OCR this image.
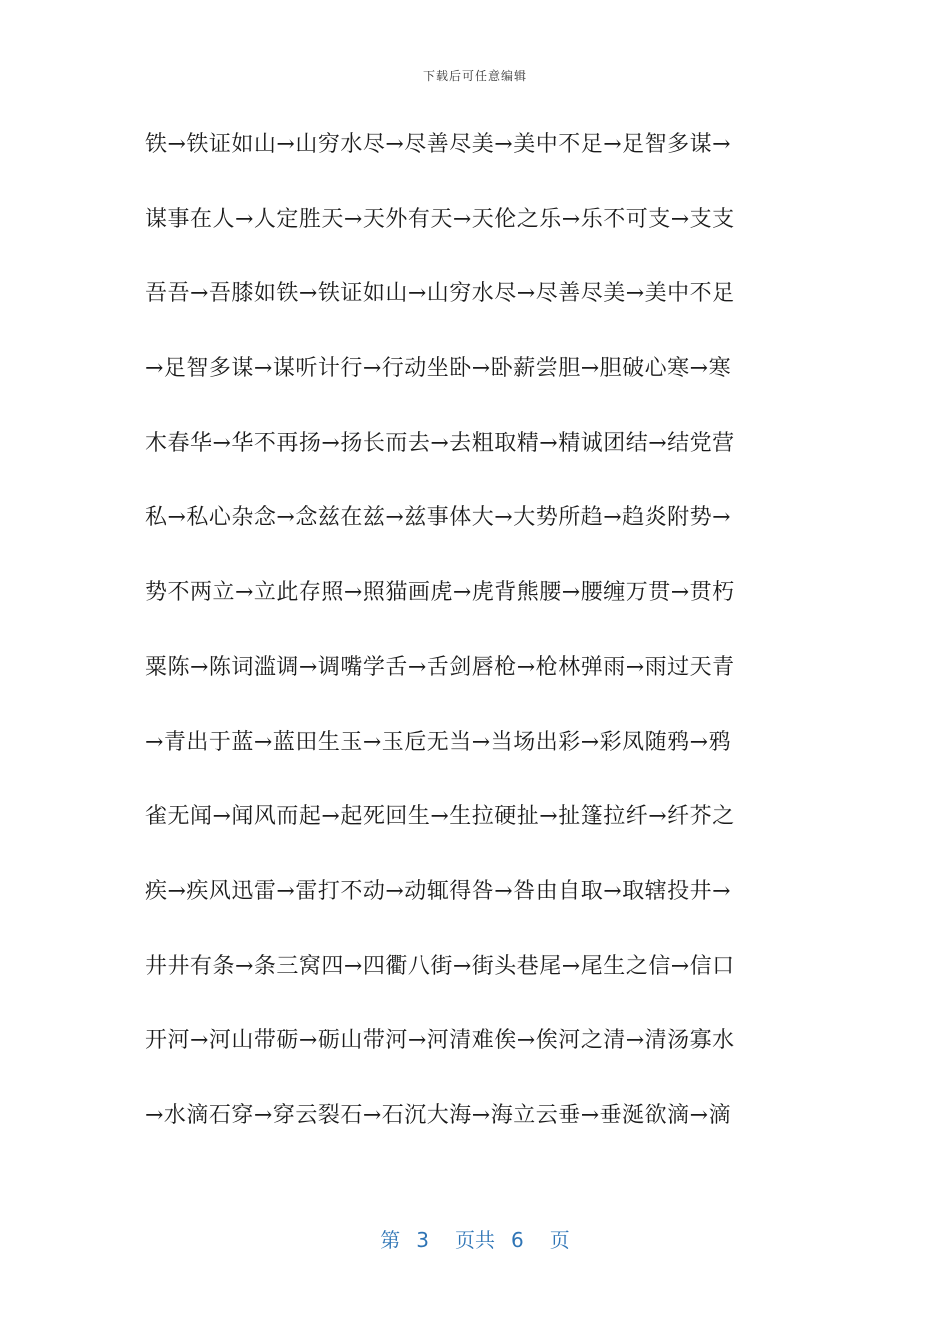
下载后可任意编辑
铁→铁证如山→山穷水尽→尽善尽美→美中不足→足智多谋→
谋事在人→人定胜天→天外有天→天伦之乐→乐不可支→支支
吾吾→吾膝如铁→铁证如山→山穷水尽→尽善尽美→美中不足
→足智多谋→谋听计行→行动坐卧→卧薪尝胆→胆破心寒→寒
木春华→华不再扬→扬长而去→去粗取精→精诚团结→结党营
私→私心杂念→念兹在兹→兹事体大→大势所趋→趋炎附势→
势不两立→立此存照→照猫画虎→虎背熊腰→腰缠万贯→贯朽
粟陈→陈词滥调→调嘴学舌→舌剑唇枪→枪林弹雨→雨过天青
→青出于蓝→蓝田生玉→玉卮无当→当场出彩→彩凤随鸦→鸦
雀无闻→闻风而起→起死回生→生拉硬扯→扯篷拉纤→纤芥之
疾→疾风迅雷→雷打不动→动辄得咎→咎由自取→取辖投井→
井井有条→条三窝四→四衢八街→街头巷尾→尾生之信→信口
开河→河山带砺→砺山带河→河清难俟→俟河之清→清汤寡水
→水滴石穿→穿云裂石→石沉大海→海立云垂→垂涎欲滴→滴
第 3 页共 6 页
